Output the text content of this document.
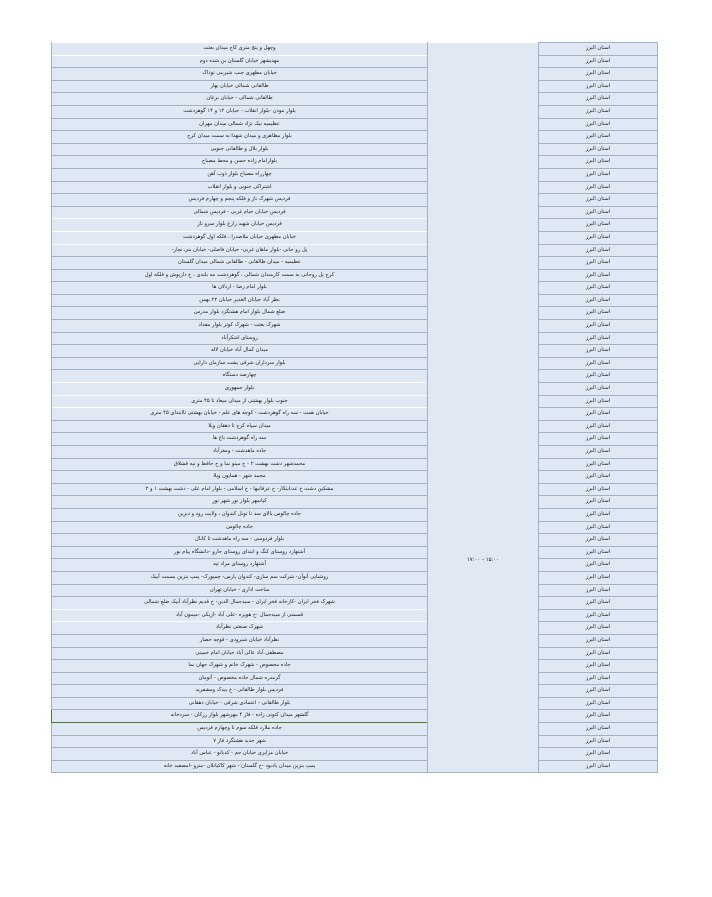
استان البرز	۱۵:۰۰ - ۱۷:۰۰	وچهل و پنج متری کاج میدان بعثت
استان البرز		مهدیشهر خیابان گلستان بن شده دوم
استان البرز		خیابان مطهری جنب شیرینی نوذاک
استان البرز		طالقانی شمالی خیابان بهار
استان البرز		طالقانی شمالی - خیابان برغان
استان البرز		بلوار موذن -بلوار انقلاب - خیابان ۱۲ و ۱۴ گوهردشت
استان البرز		عظیمیه نیک نژاد شمالی میدان مهران
استان البرز		بلوار مظاهری و میدان شهدا به سمت میدان کرج
استان البرز		بلوار بلال و طالقانی جنوبی
استان البرز		بلوارامام زاده حسن و محط مصباح
استان البرز		چهارراه مصباح بلوار ذوب آهن
استان البرز		اشتراکی جنوبی و بلوار انقلاب
استان البرز		فردیس شهرک ناز و فلکه پنجم و چهارم فردیس
استان البرز		فردیس خیابان خیام غربی - فردیس شمالی
استان البرز		فردیس خیابان شهید زارع بلوار سرو ناز
استان البرز		خیابان مطهری خیابان ملاصدرا ، فلکه اول گوهردشت
استان البرز		پل رو حانی -بلوار ماهان غربی- خیابان فاضلی- خیابان بنی نجار-
استان البرز		عظیمیه - میدان طالقانی - طالقانی شمالی میدان گلستان
استان البرز		کرج پل روحانی به سمت کارمندان شمالی ، گوهردشت مه بلندی ، خ داریوش و فلکه اول
استان البرز		بلوار امام رضا - اردلان ها
استان البرز		نظر آباد خیابان الغدیر خیابان ۲۲ بهمن
استان البرز		ضلع شمال بلوار امام هشتگرد بلوار مدرس
استان البرز		شهرک بعثت - شهرک کوثر بلوار مقداد
استان البرز		روستای اشکرآباد
استان البرز		میدان کمال آباد خیابان لاله
استان البرز		بلوار سرداران شرقی پشت سازمان دارایی
استان البرز		چهارصد دستگاه
استان البرز		بلوار جمهوری
استان البرز		جنوب بلوار بهشتی از میدان میعاد تا ۴۵ متری
استان البرز		خیابان همت - سه راه گوهردشت - کوچه های علم - خیابان بهشتی تاابتدای ۴۵ متری
استان البرز		میدان سپاه کرج تا دهقان ویلا
استان البرز		سه راه گوهردشت باغ ها
استان البرز		جاده ماهدشت - ومغزآباد
استان البرز		محمدشهر دشت بهشت ۲ - خ مینو تما و خ حافظ و تپه قشلاق
استان البرز		محمد شهر - همایون ویلا
استان البرز		مشکین دشت خ عدنایتکار- خ عرفانیها - خ اسلامی - بلوار امام علی - دشت بهشت ۱ و ۲
استان البرز		کیانمهر بلوار نور شهر نور
استان البرز		جاده چالوس بالای سد تا تونل کندوان ، ولایت رود و دیزین
استان البرز		جاده چالوس
استان البرز		بلوار فردوسی - سه راه ماهدشت تا کانال
استان البرز		آشتهارد روستای کنگ و ابتدای روستای جارو -دانشگاه پیام نور
استان البرز		آشتهارد روستای مراد تپه
استان البرز		روشنایی آنوآن- شرکت سم سازی- کندوان پارس- چمپورک- پمپ بنزین بسمت آبیک
استان البرز		ساخت اداری - خیابان تهران
استان البرز		شهرک فخر ایران -کارخانه فخر ایران - سیدجمال الدین- خ قدیم نظرآباد آبیک ضلع شمالی
استان البرز		قسمتی از سیدجمال -خ هویزه -علی آباد -ازبکی -میمون آباد
استان البرز		شهرک صنعتی نظرآباد
استان البرز		نظرآباد خیابان شبرودی - قوچه حصار
استان البرز		مصطفی آباد عالی آباد خیابان امام خمینی
استان البرز		جاده مخصوص - شهرک خانم و شهرک جهان نما
استان البرز		گرمدره شمال جاده مخصوص - آتومان
استان البرز		فردیس بلوار طالقانی - خ بیدک ومشفرید
استان البرز		بلوار طالقانی - اعتمادی شرقی - خیابان دهقانی
استان البرز		گلشهر میدان کتونی زاده - فاز ۴ مهرشهر بلوار رزکان - سردخانه
استان البرز		جاده ملارد فلکه سوم تا وچهارم فردیس
استان البرز		شهر جدید هشتگرد فاز ۷
استان البرز		خیابان مزایری خیابان جم - کدبانو - عباس آباد
استان البرز		پمپ بنزین میدان یادبود -خ گلستان - شهر کاکیانلان -مترو -امصفید خانه
